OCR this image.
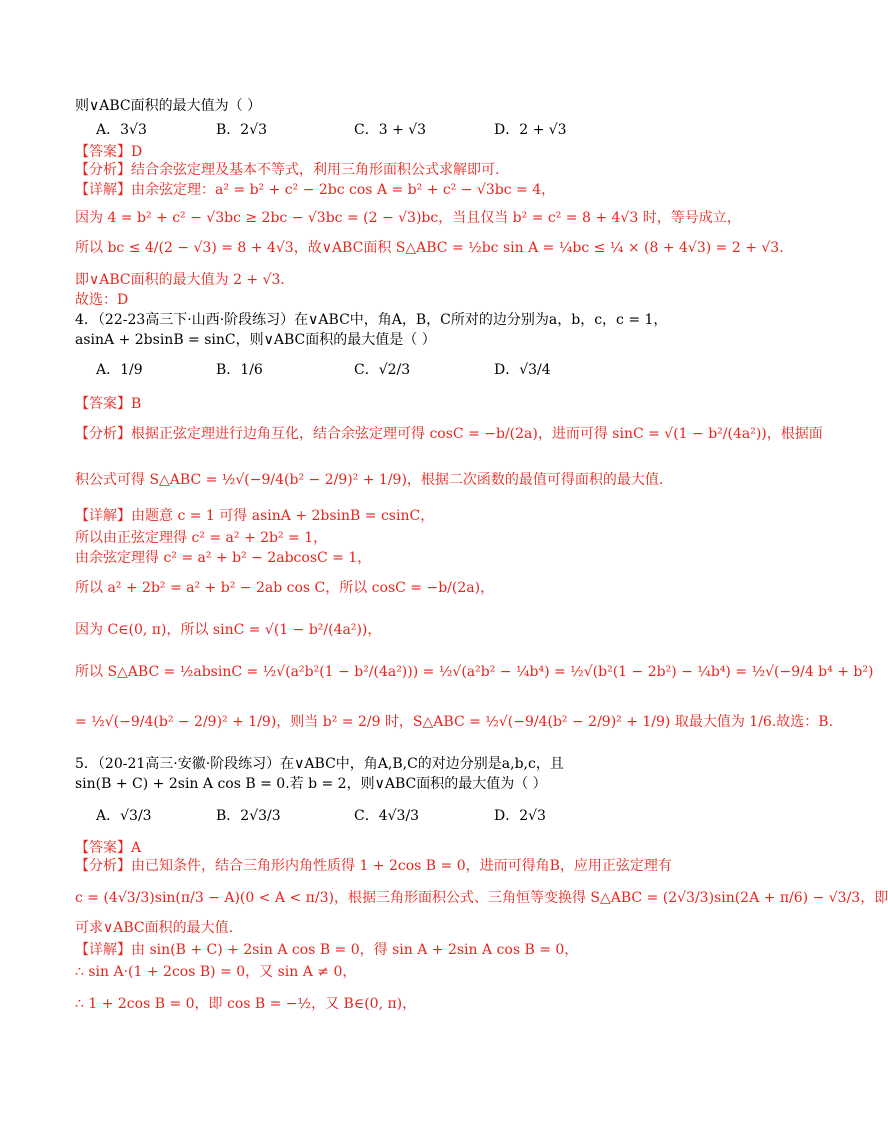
则∨ABC面积的最大值为（ ）
A．3√3	B．2√3	C．3 + √3	D．2 + √3
【答案】D
【分析】结合余弦定理及基本不等式，利用三角形面积公式求解即可.
【详解】由余弦定理：a² = b² + c² − 2bc cos A = b² + c² − √3bc = 4，
因为 4 = b² + c² − √3bc ≥ 2bc − √3bc = (2 − √3)bc，当且仅当 b² = c² = 8 + 4√3 时，等号成立，
所以 bc ≤ 4/(2 − √3) = 8 + 4√3，故∨ABC面积 S△ABC = ½bc sin A = ¼bc ≤ ¼ × (8 + 4√3) = 2 + √3.
即∨ABC面积的最大值为 2 + √3.
故选：D
4．（22-23高三下·山西·阶段练习）在∨ABC中，角A，B，C所对的边分别为a，b，c，c = 1，
asinA + 2bsinB = sinC，则∨ABC面积的最大值是（ ）
A．1/9	B．1/6	C．√2/3	D．√3/4
【答案】B
【分析】根据正弦定理进行边角互化，结合余弦定理可得 cosC = −b/(2a)，进而可得 sinC = √(1 − b²/(4a²))，根据面
积公式可得 S△ABC = ½√(−9/4(b² − 2/9)² + 1/9)，根据二次函数的最值可得面积的最大值.
【详解】由题意 c = 1 可得 asinA + 2bsinB = csinC，
所以由正弦定理得 c² = a² + 2b² = 1，
由余弦定理得 c² = a² + b² − 2abcosC = 1，
所以 a² + 2b² = a² + b² − 2ab cos C，所以 cosC = −b/(2a)，
因为 C∈(0, π)，所以 sinC = √(1 − b²/(4a²))，
所以 S△ABC = ½absinC = ½√(a²b²(1 − b²/(4a²))) = ½√(a²b² − ¼b⁴) = ½√(b²(1 − 2b²) − ¼b⁴) = ½√(−9/4 b⁴ + b²)
= ½√(−9/4(b² − 2/9)² + 1/9)，则当 b² = 2/9 时，S△ABC = ½√(−9/4(b² − 2/9)² + 1/9) 取最大值为 1/6.故选：B.
5．（20-21高三·安徽·阶段练习）在∨ABC中，角A,B,C的对边分别是a,b,c，且
sin(B + C) + 2sin A cos B = 0.若 b = 2，则∨ABC面积的最大值为（ ）
A．√3/3	B．2√3/3	C．4√3/3	D．2√3
【答案】A
【分析】由已知条件，结合三角形内角性质得 1 + 2cos B = 0，进而可得角B，应用正弦定理有
c = (4√3/3)sin(π/3 − A)(0 < A < π/3)，根据三角形面积公式、三角恒等变换得 S△ABC = (2√3/3)sin(2A + π/6) − √3/3，即
可求∨ABC面积的最大值.
【详解】由 sin(B + C) + 2sin A cos B = 0，得 sin A + 2sin A cos B = 0，
∴ sin A·(1 + 2cos B) = 0，又 sin A ≠ 0，
∴ 1 + 2cos B = 0，即 cos B = −½，又 B∈(0, π)，
